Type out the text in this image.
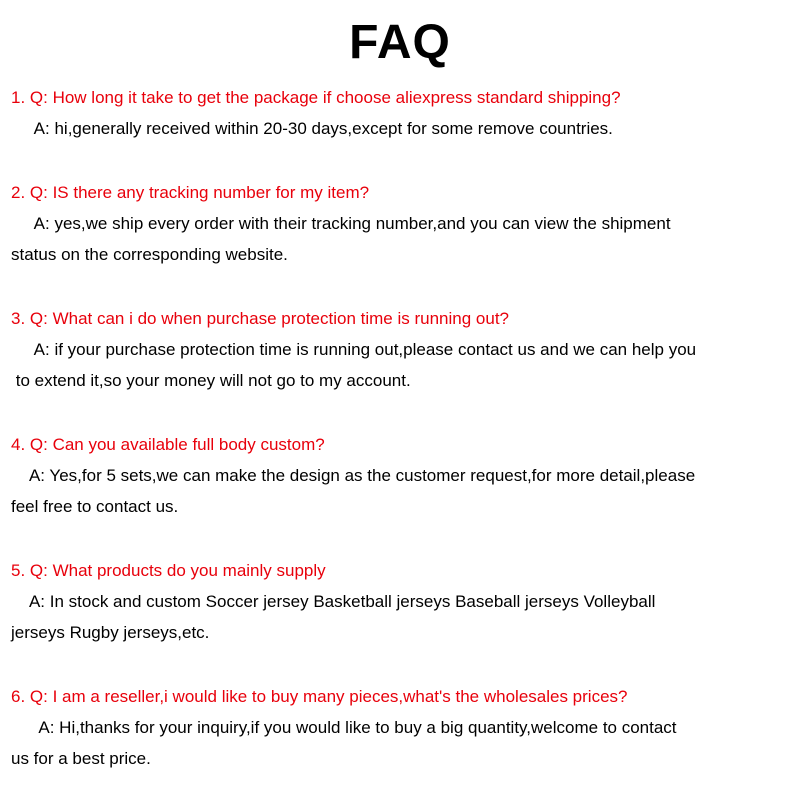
FAQ
1. Q: How long it take to get the package if choose aliexpress standard shipping?
A: hi,generally received within 20-30 days,except for some remove countries.
2. Q: IS there any tracking number for my item?
A: yes,we ship every order with their tracking number,and you can view the shipment
status on the corresponding website.
3. Q: What can i do when purchase protection time is running out?
A: if your purchase protection time is running out,please contact us and we can help you
to extend it,so your money will not go to my account.
4. Q: Can you available full body custom?
A: Yes,for 5 sets,we can make the design as the customer request,for more detail,please
feel free to contact us.
5. Q: What products do you mainly supply
A: In stock and custom Soccer jersey Basketball jerseys Baseball jerseys Volleyball
jerseys Rugby jerseys,etc.
6. Q: I am a reseller,i would like to buy many pieces,what's the wholesales prices?
A: Hi,thanks for your inquiry,if you would like to buy a big quantity,welcome to contact
us for a best price.
